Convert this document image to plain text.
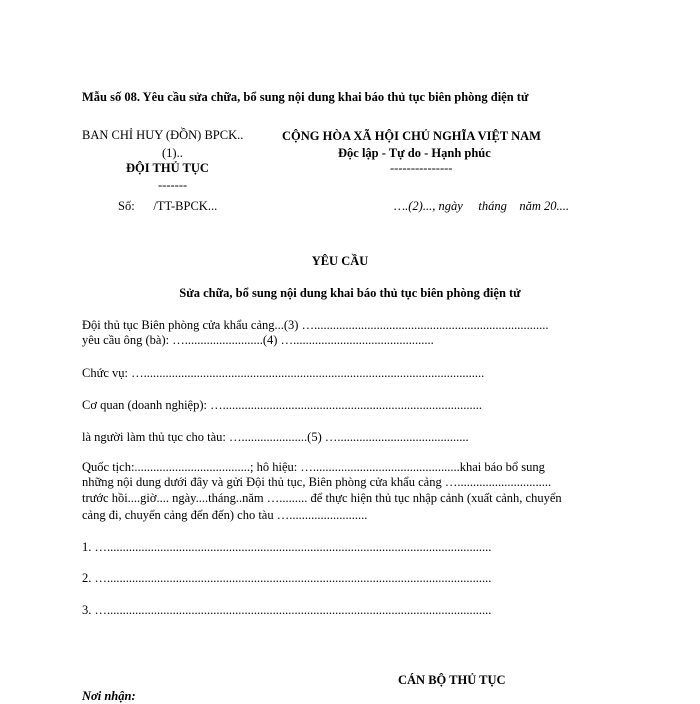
Mẫu số 08. Yêu cầu sửa chữa, bổ sung nội dung khai báo thủ tục biên phòng điện tử
BAN CHỈ HUY (ĐỒN) BPCK..
(1)..
ĐỘI THỦ TỤC
-------
Số:      /TT-BPCK...
CỘNG HÒA XÃ HỘI CHỦ NGHĨA VIỆT NAM
Độc lập - Tự do - Hạnh phúc
---------------
….(2)..., ngày     tháng    năm 20....
YÊU CẦU
Sửa chữa, bổ sung nội dung khai báo thủ tục biên phòng điện tử
Đội thủ tục Biên phòng cửa khẩu cảng...(3) …...........................................................................
yêu cầu ông (bà): ….........................(4) ….............................................
Chức vụ: ….............................................................................................................
Cơ quan (doanh nghiệp): …...................................................................................
là người làm thủ tục cho tàu: ….....................(5) …..........................................
Quốc tịch:.....................................; hô hiệu: …...............................................khai báo bổ sung
những nội dung dưới đây và gửi Đội thủ tục, Biên phòng cửa khẩu cảng …..............................
trước hồi....giờ.... ngày....tháng..năm …......... để thực hiện thủ tục nhập cảnh (xuất cảnh, chuyển
cảng đi, chuyển cảng đến đến) cho tàu ….........................
1. …...........................................................................................................................
2. …...........................................................................................................................
3. …...........................................................................................................................
CÁN BỘ THỦ TỤC
Nơi nhận:
